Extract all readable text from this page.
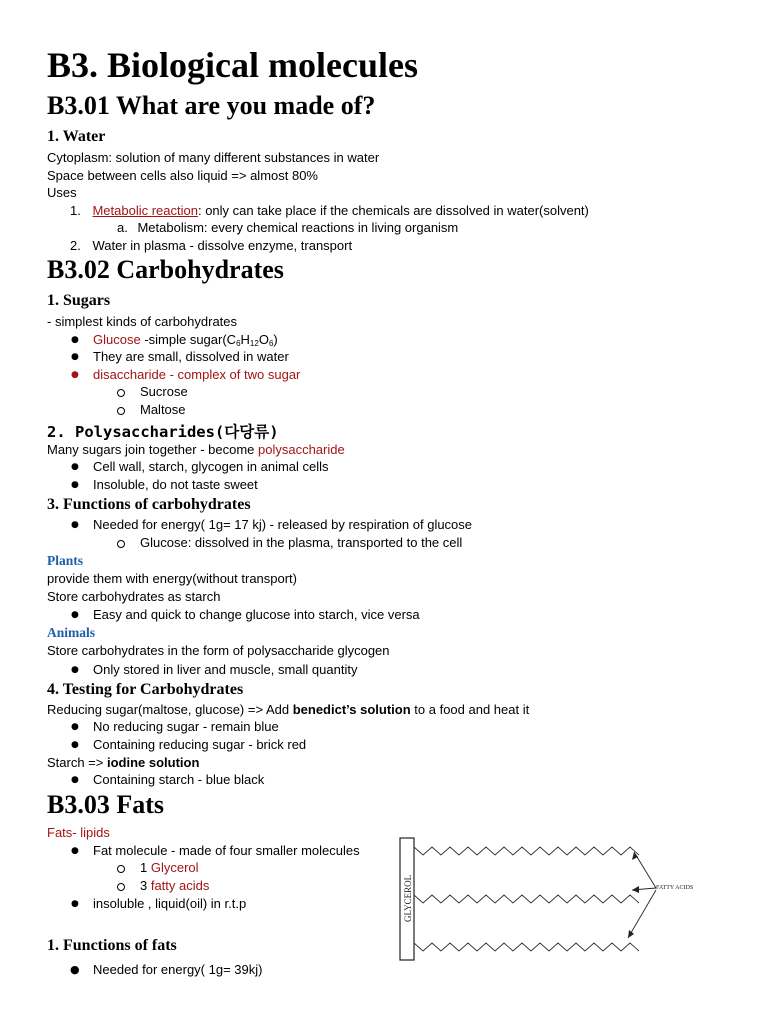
B3. Biological molecules
B3.01 What are you made of?
1. Water
Cytoplasm: solution of many different substances in water
Space between cells also liquid => almost 80%
Uses
1. Metabolic reaction: only can take place if the chemicals are dissolved in water(solvent)
a. Metabolism: every chemical reactions in living organism
2. Water in plasma - dissolve enzyme, transport
B3.02 Carbohydrates
1. Sugars
- simplest kinds of carbohydrates
● Glucose -simple $sugar(C_6H_{12}O_6)$
● They are small, dissolved in water
● disaccharide - complex of two sugar
Sucrose
Maltose
2. Polysaccharides(다당류)
Many sugars join together - become polysaccharide
● Cell wall, starch, glycogen in animal cells
● Insoluble, do not taste sweet
3. Functions of carbohydrates
● Needed for energy( 1g= 17 kj) - released by respiration of glucose
Glucose: dissolved in the plasma, transported to the cell
Plants
provide them with energy(without transport)
Store carbohydrates as starch
● Easy and quick to change glucose into starch, vice versa
Animals
Store carbohydrates in the form of polysaccharide glycogen
● Only stored in liver and muscle, small quantity
4. Testing for Carbohydrates
Reducing sugar(maltose, glucose) => Add benedict’s solution to a food and heat it
● No reducing sugar - remain blue
● Containing reducing sugar - brick red
Starch => iodine solution
● Containing starch - blue black
B3.03 Fats
Fats- lipids
● Fat molecule - made of four smaller molecules
1 Glycerol
3 fatty acids
● insoluble , liquid(oil) in r.t.p
1. Functions of fats
● Needed for energy( 1g= 39kj)
GLYCEROL	FATTY ACIDS
